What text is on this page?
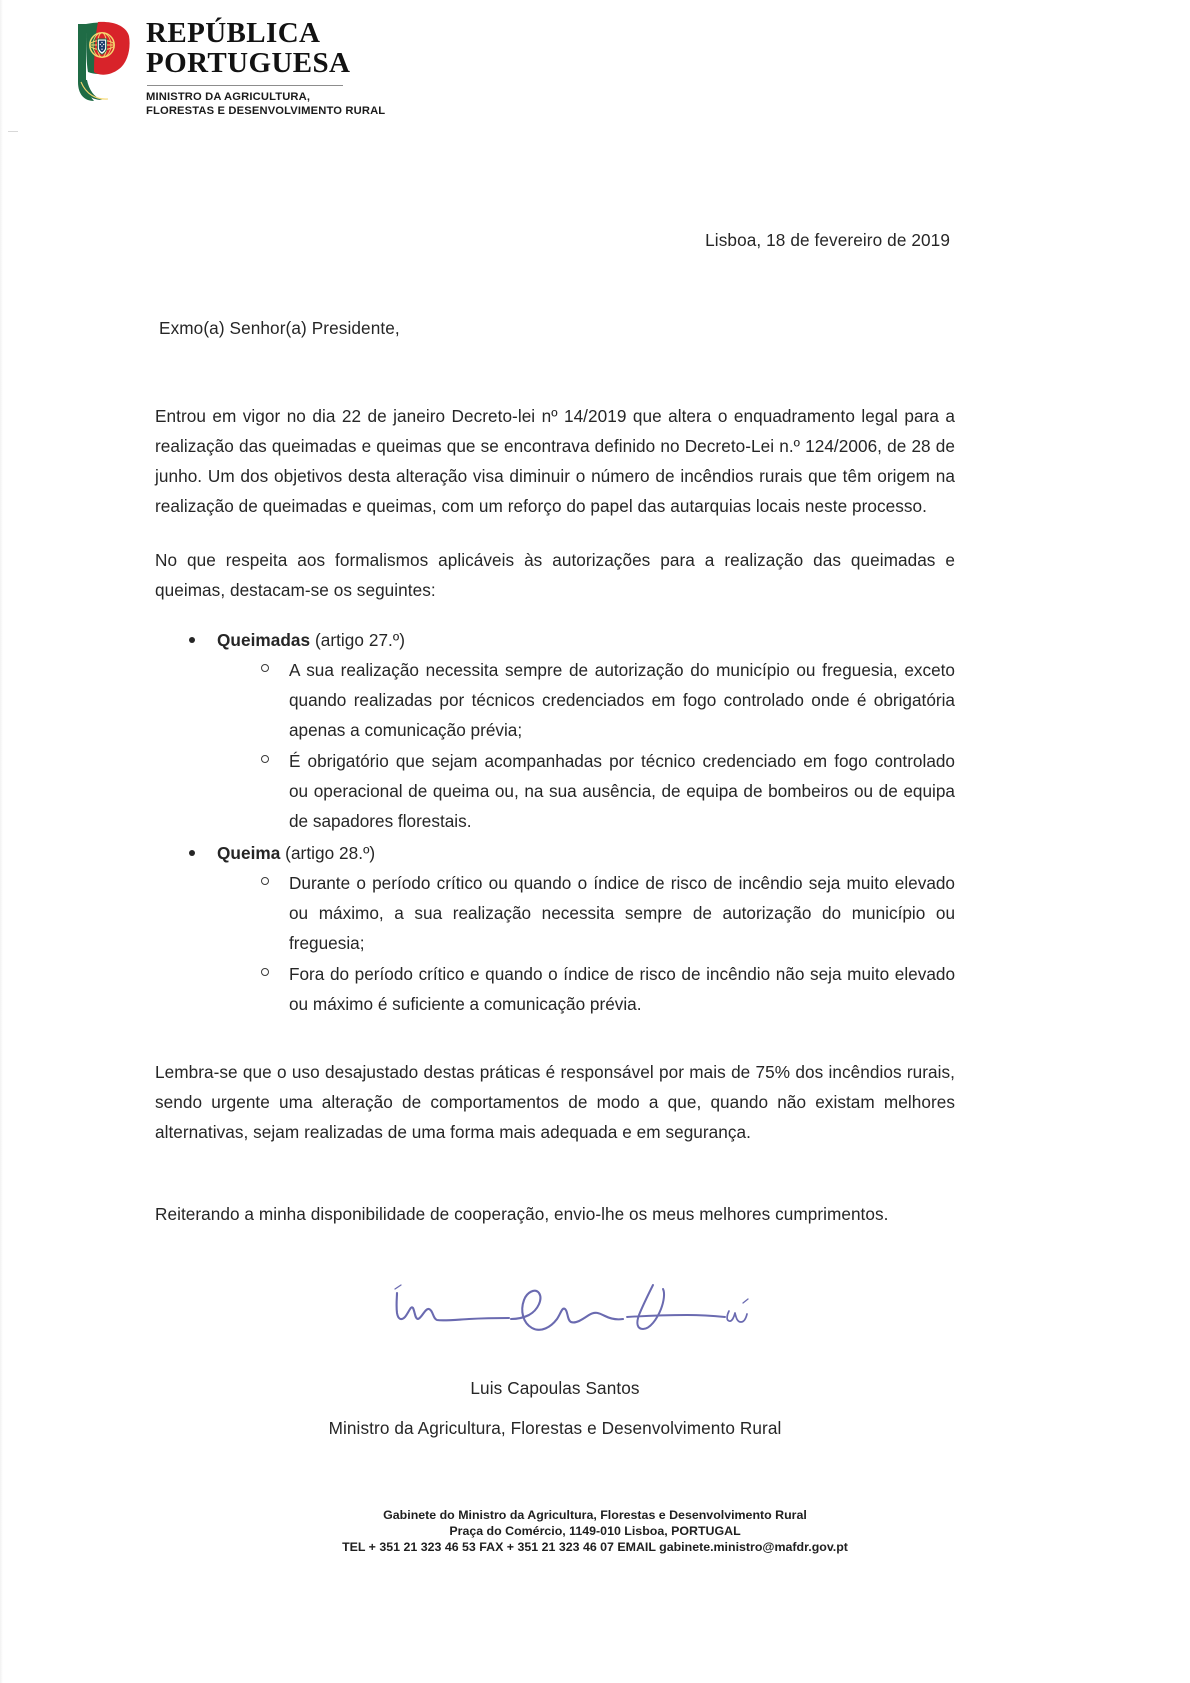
REPÚBLICA
PORTUGUESA
MINISTRO DA AGRICULTURA,
FLORESTAS E DESENVOLVIMENTO RURAL
Lisboa, 18 de fevereiro de 2019
Exmo(a) Senhor(a) Presidente,

Entrou em vigor no dia 22 de janeiro Decreto-lei nº 14/2019 que altera o enquadramento legal para a realização das queimadas e queimas que se encontrava definido no Decreto-Lei n.º 124/2006, de 28 de junho. Um dos objetivos desta alteração visa diminuir o número de incêndios rurais que têm origem na realização de queimadas e queimas, com um reforço do papel das autarquias locais neste processo.

No que respeita aos formalismos aplicáveis às autorizações para a realização das queimadas e queimas, destacam-se os seguintes:

Queimadas (artigo 27.º)
A sua realização necessita sempre de autorização do município ou freguesia, exceto quando realizadas por técnicos credenciados em fogo controlado onde é obrigatória apenas a comunicação prévia;
É obrigatório que sejam acompanhadas por técnico credenciado em fogo controlado ou operacional de queima ou, na sua ausência, de equipa de bombeiros ou de equipa de sapadores florestais.
Queima (artigo 28.º)
Durante o período crítico ou quando o índice de risco de incêndio seja muito elevado ou máximo, a sua realização necessita sempre de autorização do município ou freguesia;
Fora do período crítico e quando o índice de risco de incêndio não seja muito elevado ou máximo é suficiente a comunicação prévia.

Lembra-se que o uso desajustado destas práticas é responsável por mais de 75% dos incêndios rurais, sendo urgente uma alteração de comportamentos de modo a que, quando não existam melhores alternativas, sejam realizadas de uma forma mais adequada e em segurança.

Reiterando a minha disponibilidade de cooperação, envio-lhe os meus melhores cumprimentos.

Luis Capoulas Santos
Ministro da Agricultura, Florestas e Desenvolvimento Rural
Gabinete do Ministro da Agricultura, Florestas e Desenvolvimento Rural
Praça do Comércio, 1149-010 Lisboa, PORTUGAL
TEL + 351 21 323 46 53 FAX + 351 21 323 46 07 EMAIL gabinete.ministro@mafdr.gov.pt
